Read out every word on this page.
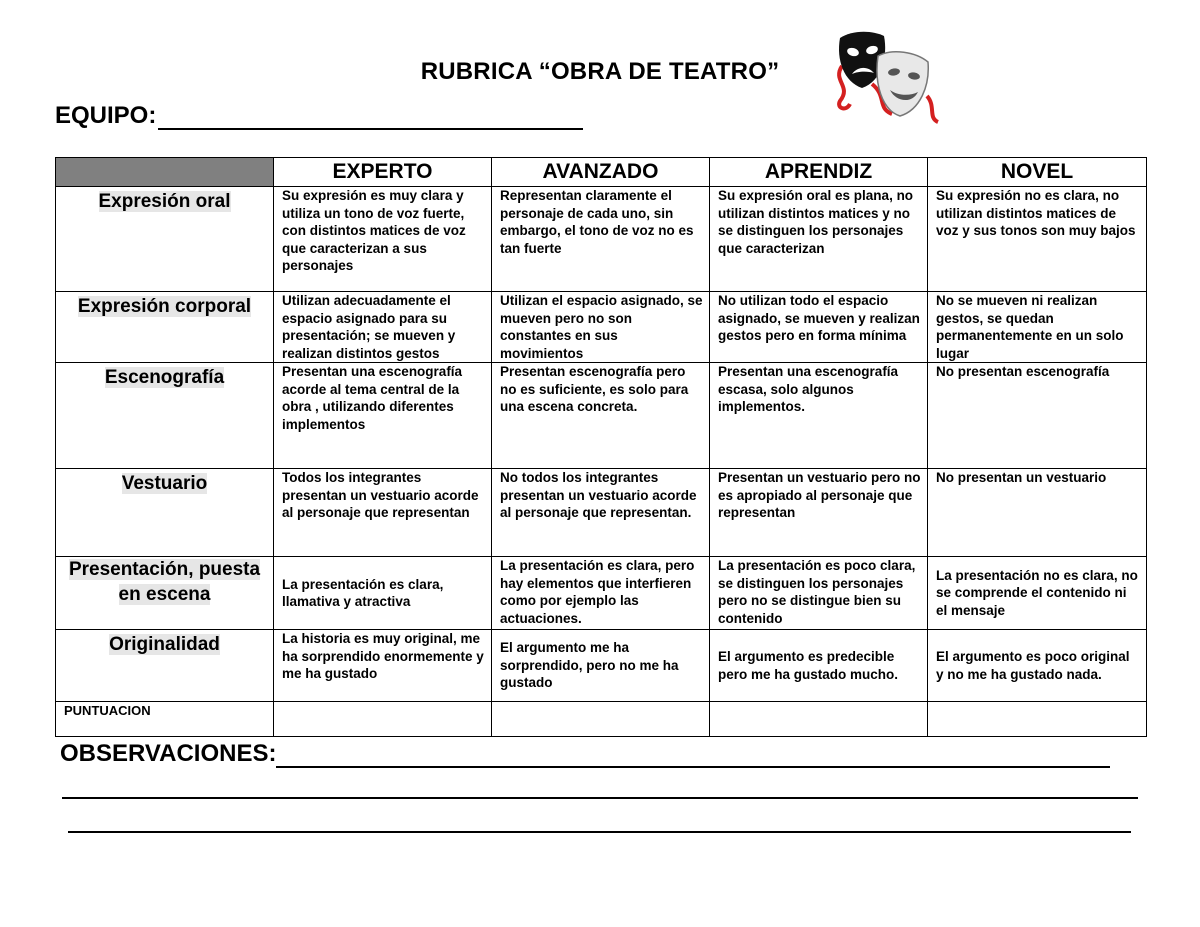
RUBRICA “OBRA DE TEATRO”
EQUIPO:
	EXPERTO	AVANZADO	APRENDIZ	NOVEL

Expresión oral	Su expresión es muy clara y utiliza un tono de voz fuerte, con distintos matices de voz que caracterizan a sus personajes	Representan claramente el personaje de cada uno, sin embargo, el tono de voz no es tan fuerte	Su expresión oral es plana, no utilizan distintos matices y no se distinguen los personajes que caracterizan	Su expresión no es clara, no utilizan distintos matices de voz y sus tonos son muy bajos

Expresión corporal	Utilizan adecuadamente el espacio asignado para su presentación; se mueven y realizan distintos gestos	Utilizan el espacio asignado, se mueven pero no son constantes en sus movimientos	No utilizan todo el espacio asignado, se mueven y realizan gestos pero en forma mínima	No se mueven ni realizan gestos, se quedan permanentemente en un solo lugar

Escenografía	Presentan una escenografía acorde al tema central de la obra , utilizando diferentes implementos	Presentan escenografía pero no es suficiente, es solo para una escena concreta.	Presentan una escenografía escasa, solo algunos implementos.	No presentan escenografía

Vestuario	Todos los integrantes presentan un vestuario acorde al personaje que representan	No todos los integrantes presentan un vestuario acorde al personaje que representan.	Presentan un vestuario pero no es apropiado al personaje que representan	No presentan un vestuario

Presentación, puesta en escena	La presentación es clara, llamativa y atractiva	La presentación es clara, pero hay elementos que interfieren como por ejemplo las actuaciones.	La presentación es poco clara, se distinguen los personajes pero no se distingue bien su contenido	La presentación no es clara, no se comprende el contenido ni el mensaje

Originalidad	La historia es muy original, me ha sorprendido enormemente y me ha gustado	El argumento me ha sorprendido, pero no me ha gustado	El argumento es predecible pero me ha gustado mucho.	El argumento es poco original y no me ha gustado nada.
PUNTUACION				
OBSERVACIONES:
